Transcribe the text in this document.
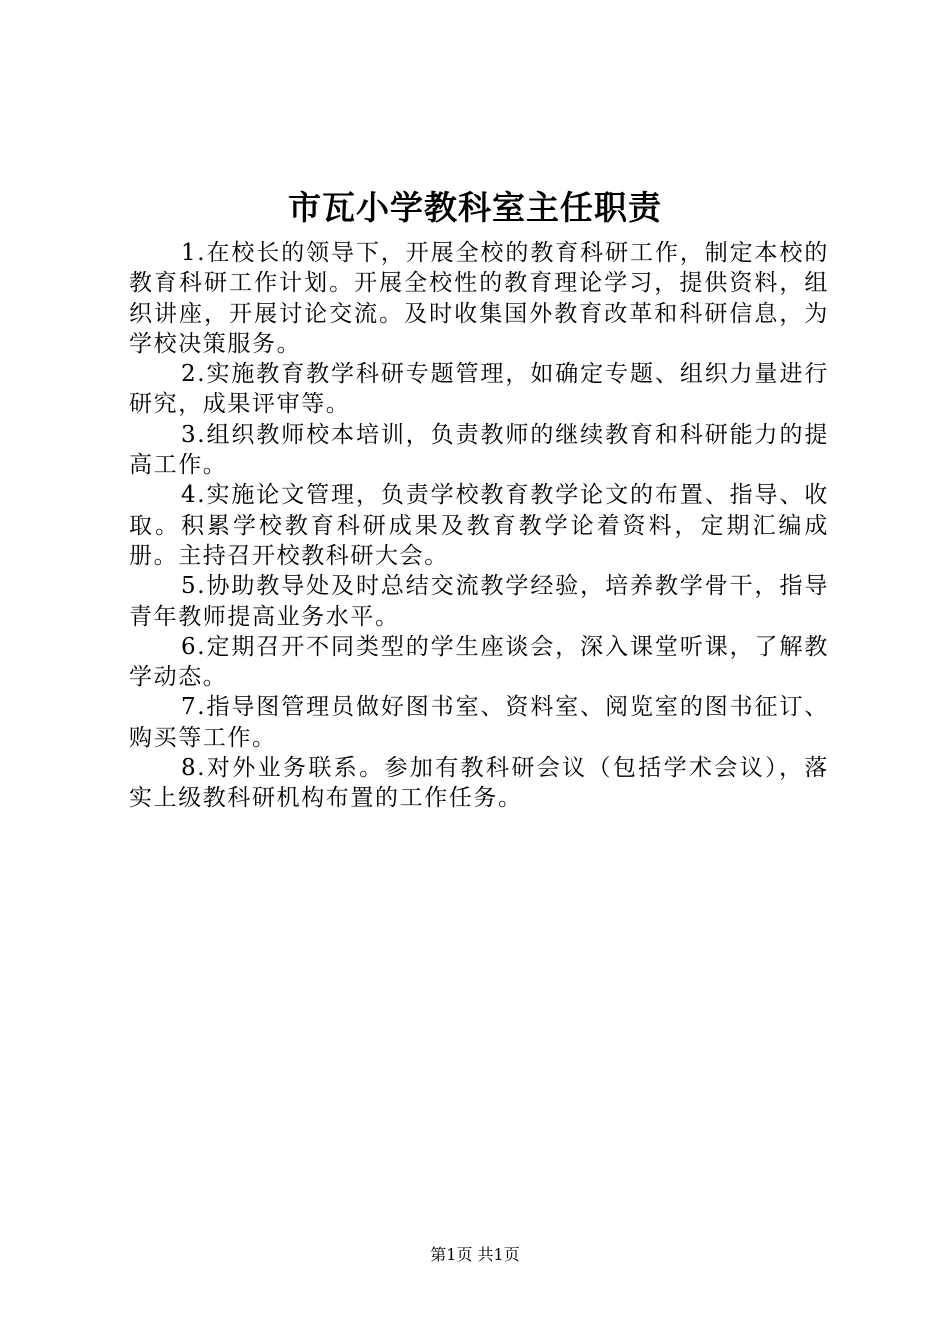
市瓦小学教科室主任职责

1.在校长的领导下，开展全校的教育科研工作，制定本校的教育科研工作计划。开展全校性的教育理论学习，提供资料，组织讲座，开展讨论交流。及时收集国外教育改革和科研信息，为学校决策服务。

2.实施教育教学科研专题管理，如确定专题、组织力量进行研究，成果评审等。

3.组织教师校本培训，负责教师的继续教育和科研能力的提高工作。

4.实施论文管理，负责学校教育教学论文的布置、指导、收取。积累学校教育科研成果及教育教学论着资料，定期汇编成册。主持召开校教科研大会。

5.协助教导处及时总结交流教学经验，培养教学骨干，指导青年教师提高业务水平。

6.定期召开不同类型的学生座谈会，深入课堂听课，了解教学动态。

7.指导图管理员做好图书室、资料室、阅览室的图书征订、购买等工作。

8.对外业务联系。参加有教科研会议（包括学术会议），落实上级教科研机构布置的工作任务。

第1页 共1页
